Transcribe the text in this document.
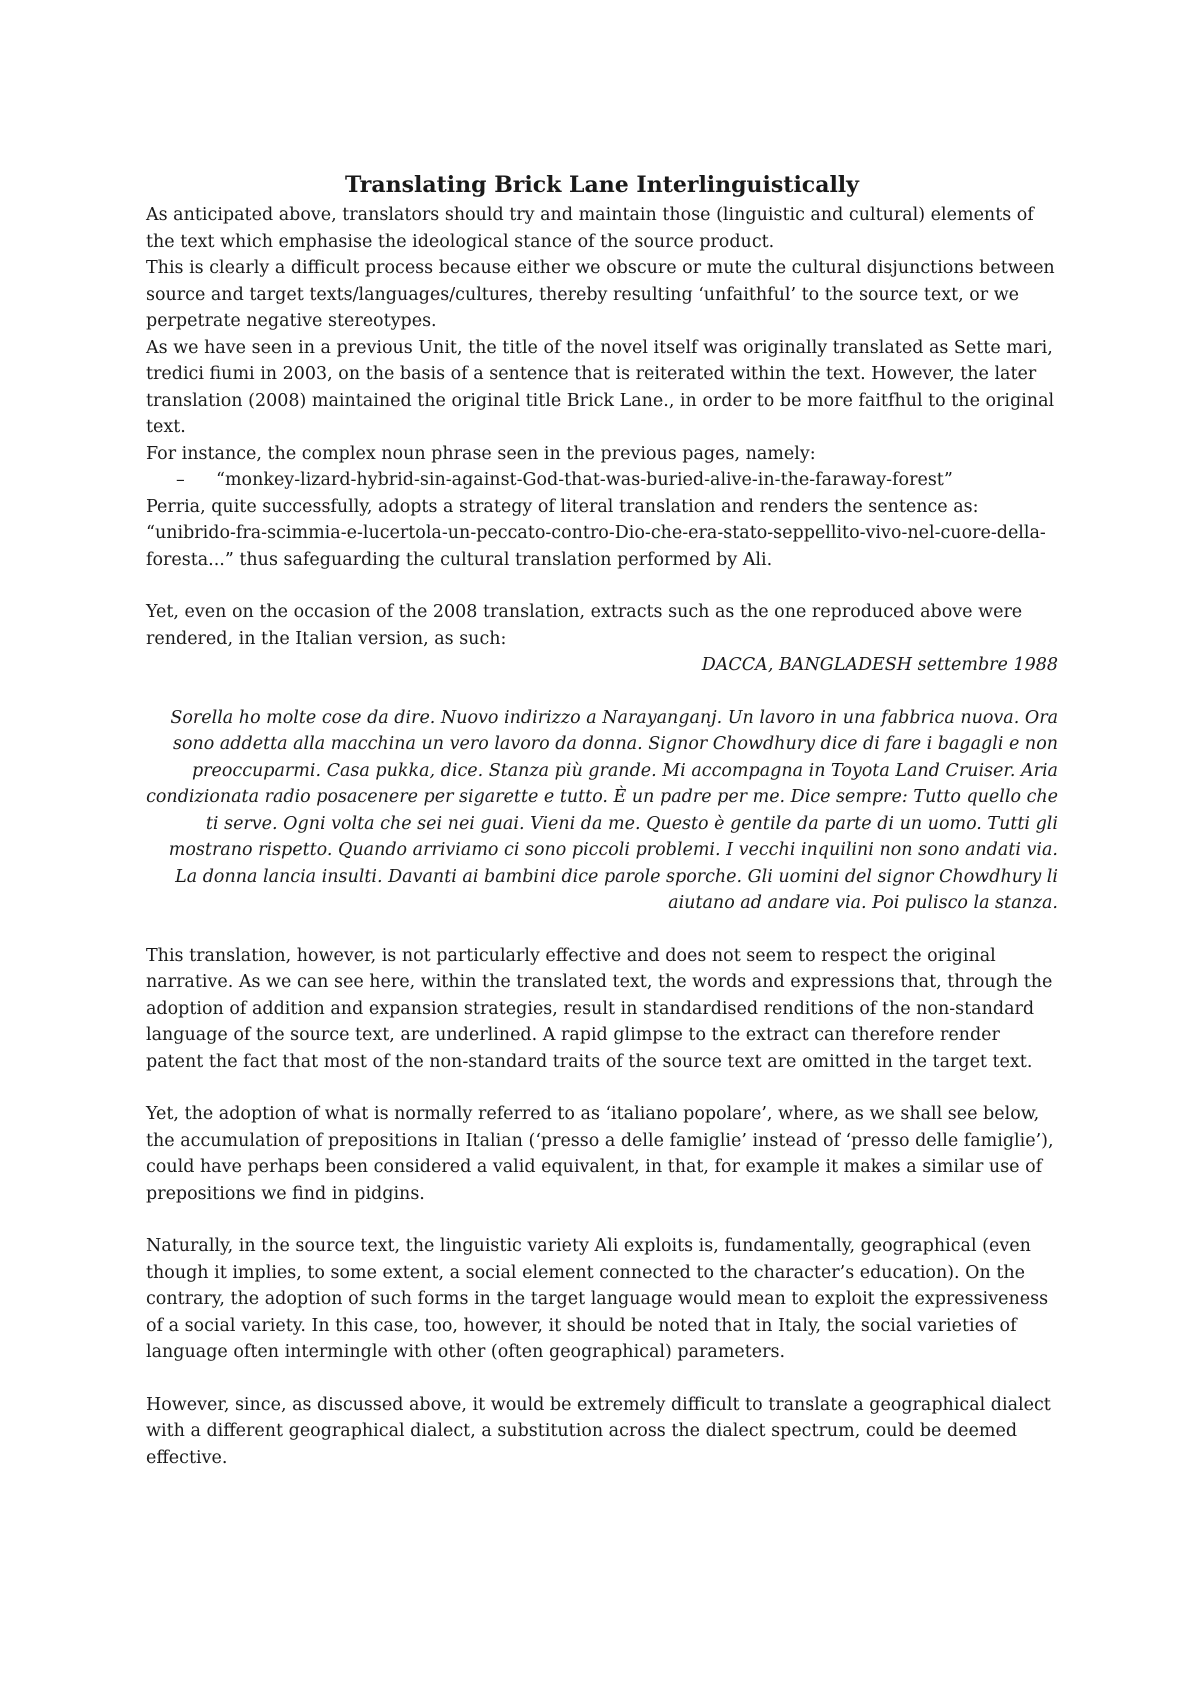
Translating Brick Lane Interlinguistically

As anticipated above, translators should try and maintain those (linguistic and cultural) elements of the text which emphasise the ideological stance of the source product.

This is clearly a difficult process because either we obscure or mute the cultural disjunctions between source and target texts/languages/cultures, thereby resulting ‘unfaithful’ to the source text, or we perpetrate negative stereotypes.

As we have seen in a previous Unit, the title of the novel itself was originally translated as Sette mari, tredici fiumi in 2003, on the basis of a sentence that is reiterated within the text. However, the later translation (2008) maintained the original title Brick Lane., in order to be more faitfhul to the original text.

For instance, the complex noun phrase seen in the previous pages, namely:

– “monkey-lizard-hybrid-sin-against-God-that-was-buried-alive-in-the-faraway-forest”

Perria, quite successfully, adopts a strategy of literal translation and renders the sentence as: “unibrido-fra-scimmia-e-lucertola-un-peccato-contro-Dio-che-era-stato-seppellito-vivo-nel-cuore-della-foresta...” thus safeguarding the cultural translation performed by Ali.

Yet, even on the occasion of the 2008 translation, extracts such as the one reproduced above were rendered, in the Italian version, as such:

DACCA, BANGLADESH settembre 1988

Sorella ho molte cose da dire. Nuovo indirizzo a Narayanganj. Un lavoro in una fabbrica nuova. Ora sono addetta alla macchina un vero lavoro da donna. Signor Chowdhury dice di fare i bagagli e non preoccuparmi. Casa pukka, dice. Stanza più grande. Mi accompagna in Toyota Land Cruiser. Aria condizionata radio posacenere per sigarette e tutto. È un padre per me. Dice sempre: Tutto quello che ti serve. Ogni volta che sei nei guai. Vieni da me. Questo è gentile da parte di un uomo. Tutti gli mostrano rispetto. Quando arriviamo ci sono piccoli problemi. I vecchi inquilini non sono andati via. La donna lancia insulti. Davanti ai bambini dice parole sporche. Gli uomini del signor Chowdhury li aiutano ad andare via. Poi pulisco la stanza.

This translation, however, is not particularly effective and does not seem to respect the original narrative. As we can see here, within the translated text, the words and expressions that, through the adoption of addition and expansion strategies, result in standardised renditions of the non-standard language of the source text, are underlined. A rapid glimpse to the extract can therefore render patent the fact that most of the non-standard traits of the source text are omitted in the target text.

Yet, the adoption of what is normally referred to as ‘italiano popolare’, where, as we shall see below, the accumulation of prepositions in Italian (‘presso a delle famiglie’ instead of ‘presso delle famiglie’), could have perhaps been considered a valid equivalent, in that, for example it makes a similar use of prepositions we find in pidgins.

Naturally, in the source text, the linguistic variety Ali exploits is, fundamentally, geographical (even though it implies, to some extent, a social element connected to the character’s education). On the contrary, the adoption of such forms in the target language would mean to exploit the expressiveness of a social variety. In this case, too, however, it should be noted that in Italy, the social varieties of language often intermingle with other (often geographical) parameters.

However, since, as discussed above, it would be extremely difficult to translate a geographical dialect with a different geographical dialect, a substitution across the dialect spectrum, could be deemed effective.
